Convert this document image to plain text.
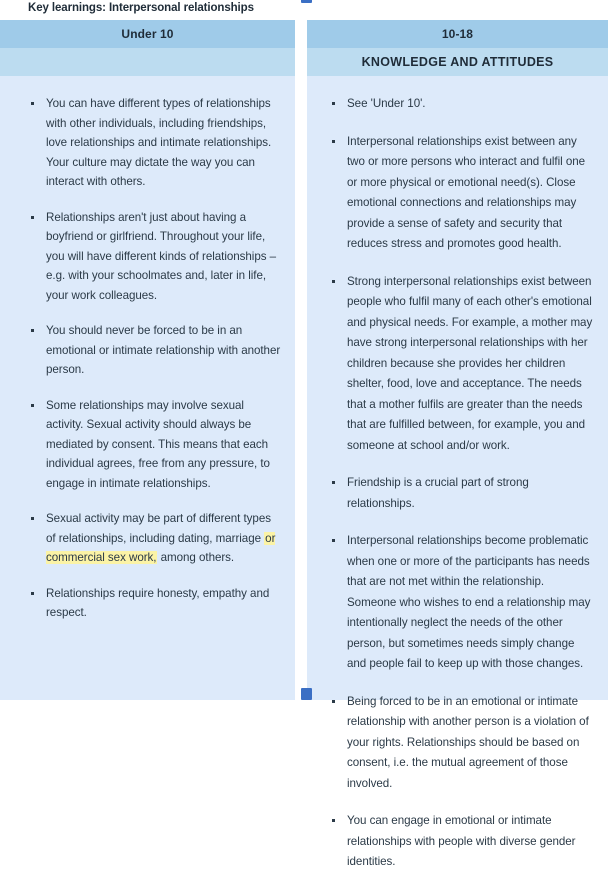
Key learnings: Interpersonal relationships
Under 10
You can have different types of relationships with other individuals, including friendships, love relationships and intimate relationships. Your culture may dictate the way you can interact with others.
Relationships aren't just about having a boyfriend or girlfriend. Throughout your life, you will have different kinds of relationships – e.g. with your schoolmates and, later in life, your work colleagues.
You should never be forced to be in an emotional or intimate relationship with another person.
Some relationships may involve sexual activity. Sexual activity should always be mediated by consent. This means that each individual agrees, free from any pressure, to engage in intimate relationships.
Sexual activity may be part of different types of relationships, including dating, marriage or commercial sex work, among others.
Relationships require honesty, empathy and respect.
10-18
KNOWLEDGE AND ATTITUDES
See 'Under 10'.
Interpersonal relationships exist between any two or more persons who interact and fulfil one or more physical or emotional need(s). Close emotional connections and relationships may provide a sense of safety and security that reduces stress and promotes good health.
Strong interpersonal relationships exist between people who fulfil many of each other's emotional and physical needs. For example, a mother may have strong interpersonal relationships with her children because she provides her children shelter, food, love and acceptance. The needs that a mother fulfils are greater than the needs that are fulfilled between, for example, you and someone at school and/or work.
Friendship is a crucial part of strong relationships.
Interpersonal relationships become problematic when one or more of the participants has needs that are not met within the relationship. Someone who wishes to end a relationship may intentionally neglect the needs of the other person, but sometimes needs simply change and people fail to keep up with those changes.
Being forced to be in an emotional or intimate relationship with another person is a violation of your rights. Relationships should be based on consent, i.e. the mutual agreement of those involved.
You can engage in emotional or intimate relationships with people with diverse gender identities.
